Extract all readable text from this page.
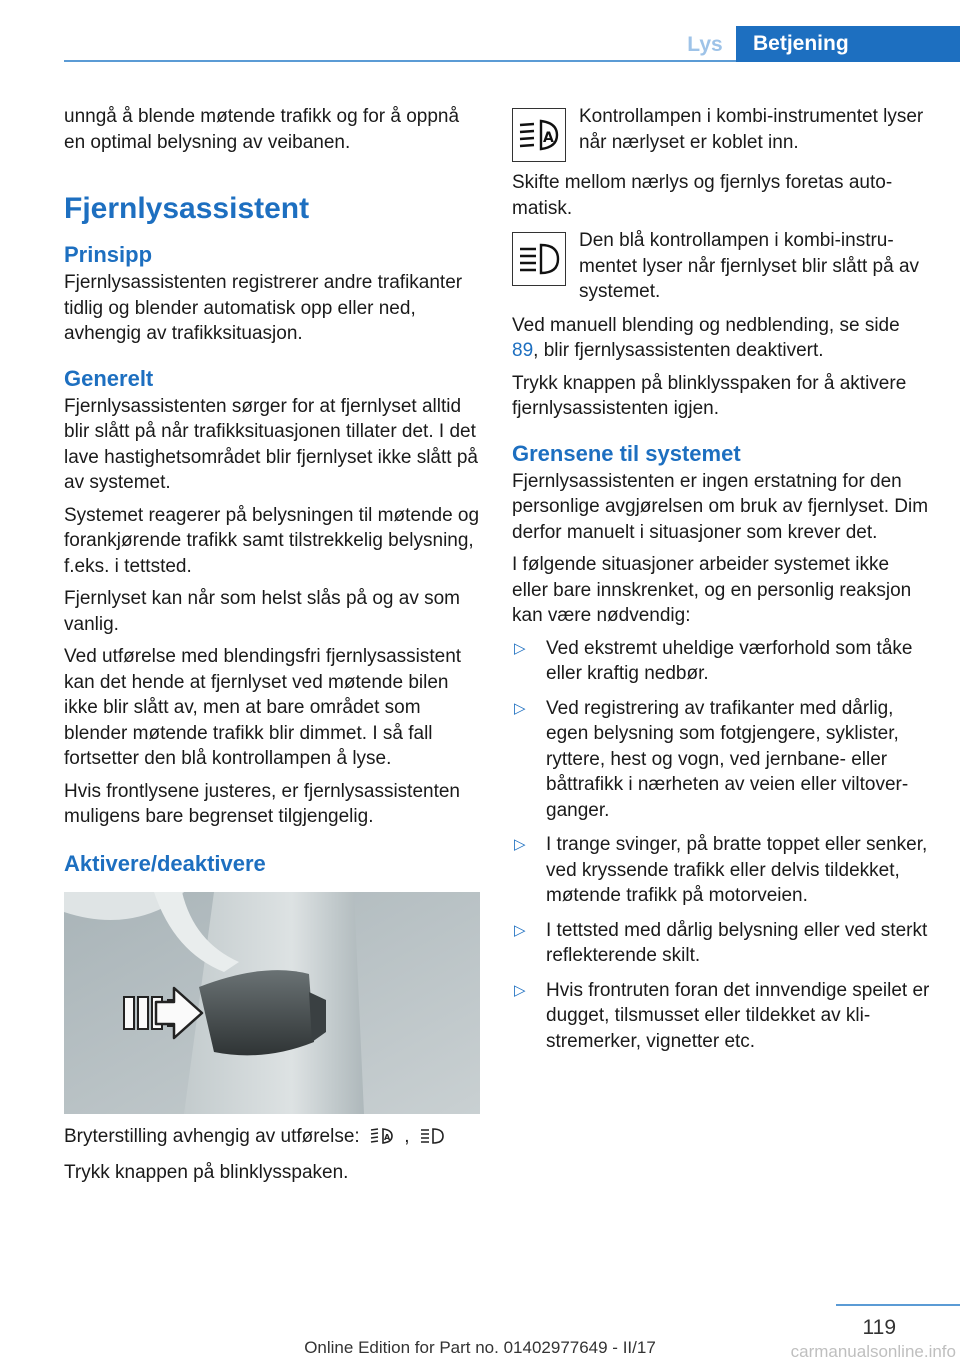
Lys	Betjening

unngå å blende møtende trafikk og for å oppnå en optimal belysning av veibanen.

Fjernlysassistent
Prinsipp

Fjernlysassistenten registrerer andre trafikanter tidlig og blender automatisk opp eller ned, avhengig av trafikksituasjon.

Generelt

Fjernlysassistenten sørger for at fjernlyset alltid blir slått på når trafikksituasjonen tillater det. I det lave hastighetsområdet blir fjernlyset ikke slått på av systemet.

Systemet reagerer på belysningen til møtende og forankjørende trafikk samt tilstrekkelig belysning, f.eks. i tettsted.

Fjernlyset kan når som helst slås på og av som vanlig.

Ved utførelse med blendingsfri fjernlysassistent kan det hende at fjernlyset ved møtende bilen ikke blir slått av, men at bare området som blender møtende trafikk blir dimmet. I så fall fortsetter den blå kontrollampen å lyse.

Hvis frontlysene justeres, er fjernlysassistenten muligens bare begrenset tilgjengelig.

Aktivere/deaktivere

Bryterstilling avhengig av utførelse:	A ,

Trykk knappen på blinklysspaken.

A
Kontrollampen i kombi-instrumentet lyser når nærlyset er koblet inn.

Skifte mellom nærlys og fjernlys foretas automatisk.

Den blå kontrollampen i kombi-instrumentet lyser når fjernlyset blir slått på av systemet.

Ved manuell blending og nedblending, se side 89, blir fjernlysassistenten deaktivert.

Trykk knappen på blinklysspaken for å aktivere fjernlysassistenten igjen.

Grensene til systemet

Fjernlysassistenten er ingen erstatning for den personlige avgjørelsen om bruk av fjernlyset. Dim derfor manuelt i situasjoner som krever det.

I følgende situasjoner arbeider systemet ikke eller bare innskrenket, og en personlig reaksjon kan være nødvendig:

▷ Ved ekstremt uheldige værforhold som tåke eller kraftig nedbør.
▷ Ved registrering av trafikanter med dårlig, egen belysning som fotgjengere, syklister, ryttere, hest og vogn, ved jernbane- eller båttrafikk i nærheten av veien eller viltoverganger.
▷ I trange svinger, på bratte toppet eller senker, ved kryssende trafikk eller delvis tildekket, møtende trafikk på motorveien.
▷ I tettsted med dårlig belysning eller ved sterkt reflekterende skilt.
▷ Hvis frontruten foran det innvendige speilet er dugget, tilsmusset eller tildekket av klistremerker, vignetter etc.
119
Online Edition for Part no. 01402977649 - II/17	carmanualsonline.info
